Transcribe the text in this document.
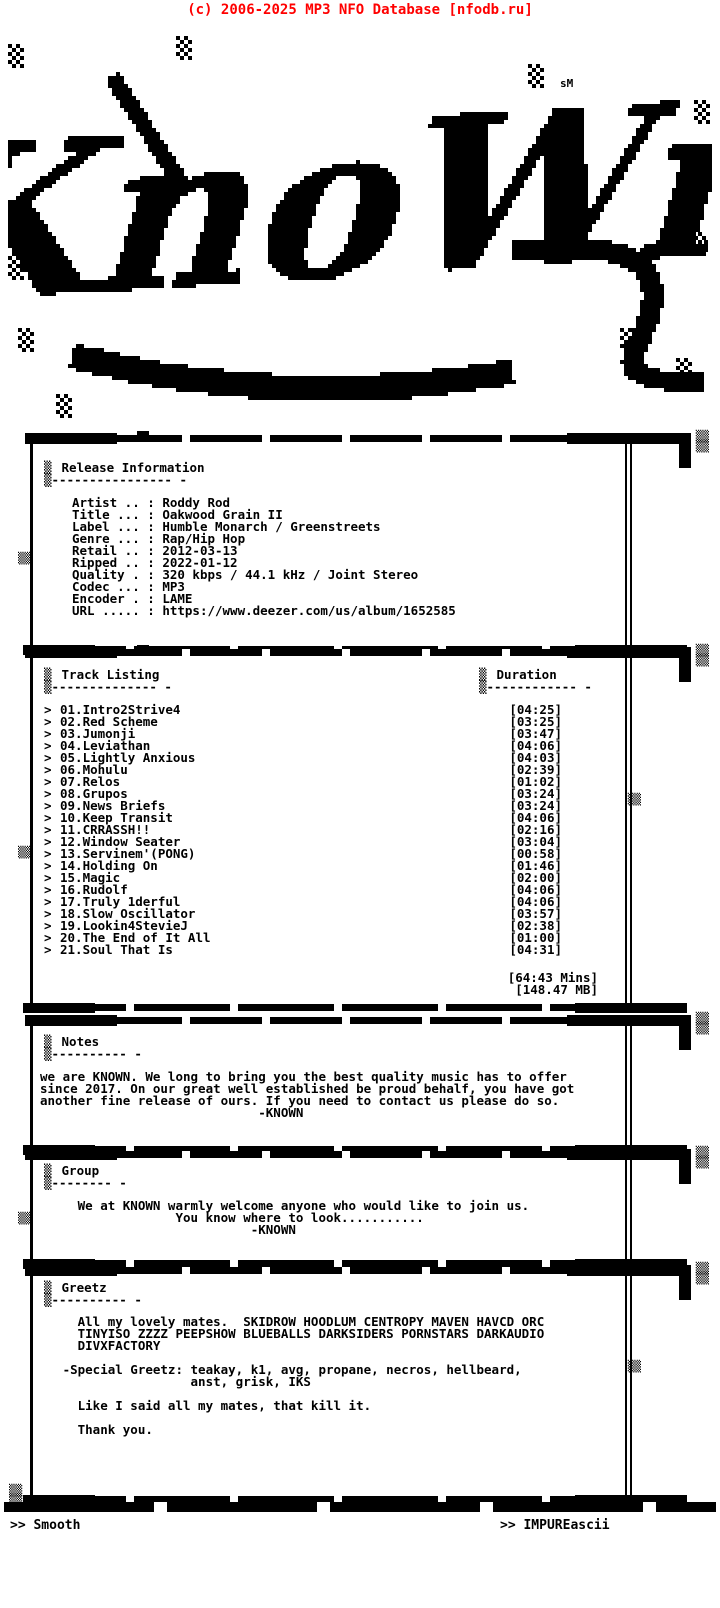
(c) 2006-2025 MP3 NFO Database [nfodb.ru]
sM
▒▒
▒▒
▒▒
▒
▒
Release Information
---------------- -
Artist .. : Roddy Rod
Title ... : Oakwood Grain II
Label ... : Humble Monarch / Greenstreets
Genre ... : Rap/Hip Hop
Retail .. : 2012-03-13
Ripped .. : 2022-01-12
Quality . : 320 kbps / 44.1 kHz / Joint Stereo
Codec ... : MP3
Encoder . : LAME
URL ..... : https://www.deezer.com/us/album/1652585
▒▒
▒▒
▒▒
▒▒
▒
▒
Track Listing
-------------- -
▒
▒
Duration
------------ -
> 01.Intro2Strive4	[04:25]
> 02.Red Scheme	[03:25]
> 03.Jumonji	[03:47]
> 04.Leviathan	[04:06]
> 05.Lightly Anxious	[04:03]
> 06.Mohulu	[02:39]
> 07.Relos	[01:02]
> 08.Grupos	[03:24]
> 09.News Briefs	[03:24]
> 10.Keep Transit	[04:06]
> 11.CRRASSH!!	[02:16]
> 12.Window Seater	[03:04]
> 13.Servinem'(PONG)	[00:58]
> 14.Holding On	[01:46]
> 15.Magic	[02:00]
> 16.Rudolf	[04:06]
> 17.Truly 1derful	[04:06]
> 18.Slow Oscillator	[03:57]
> 19.Lookin4StevieJ	[02:38]
> 20.The End of It All	[01:00]
> 21.Soul That Is	[04:31]
[64:43 Mins]
[148.47 MB]
▒▒
▒▒
▒
▒
Notes
---------- -
we are KNOWN. We long to bring you the best quality music has to offer
since 2017. On our great well established be proud behalf, you have got
another fine release of ours. If you need to contact us please do so.
-KNOWN
▒▒
▒▒
▒▒
▒
▒
Group
-------- -
We at KNOWN warmly welcome anyone who would like to join us.
You know where to look...........
-KNOWN
▒▒
▒▒
▒▒
▒▒
▒▒
▒
▒
Greetz
---------- -
All my lovely mates.  SKIDROW HOODLUM CENTROPY MAVEN HAVCD ORC
TINYISO ZZZZ PEEPSHOW BLUEBALLS DARKSIDERS PORNSTARS DARKAUDIO
DIVXFACTORY

-Special Greetz: teakay, k1, avg, propane, necros, hellbeard,
anst, grisk, IKS

Like I said all my mates, that kill it.

Thank you.
>> Smooth	>> IMPUREascii
